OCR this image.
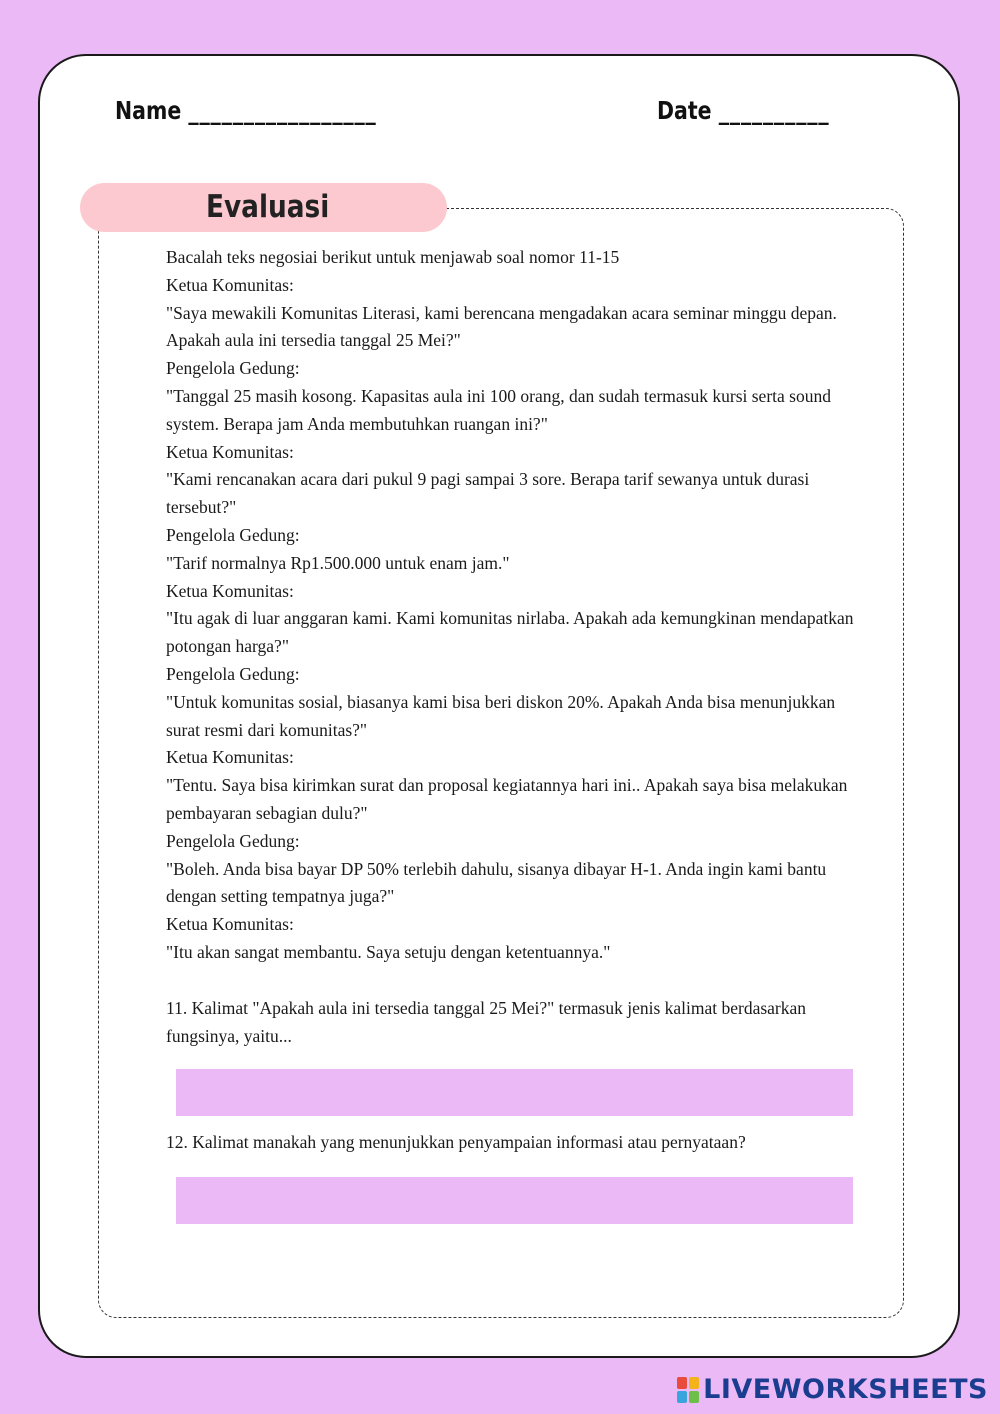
Name _________________	Date __________
Evaluasi

Bacalah teks negosiai berikut untuk menjawab soal nomor 11-15

Ketua Komunitas:

"Saya mewakili Komunitas Literasi, kami berencana mengadakan acara seminar minggu depan. Apakah aula ini tersedia tanggal 25 Mei?"

Pengelola Gedung:

"Tanggal 25 masih kosong. Kapasitas aula ini 100 orang, dan sudah termasuk kursi serta sound system. Berapa jam Anda membutuhkan ruangan ini?"

Ketua Komunitas:

"Kami rencanakan acara dari pukul 9 pagi sampai 3 sore. Berapa tarif sewanya untuk durasi tersebut?"

Pengelola Gedung:

"Tarif normalnya Rp1.500.000 untuk enam jam."

Ketua Komunitas:

"Itu agak di luar anggaran kami. Kami komunitas nirlaba. Apakah ada kemungkinan mendapatkan potongan harga?"

Pengelola Gedung:

"Untuk komunitas sosial, biasanya kami bisa beri diskon 20%. Apakah Anda bisa menunjukkan surat resmi dari komunitas?"

Ketua Komunitas:

"Tentu. Saya bisa kirimkan surat dan proposal kegiatannya hari ini.. Apakah saya bisa melakukan pembayaran sebagian dulu?"

Pengelola Gedung:

"Boleh. Anda bisa bayar DP 50% terlebih dahulu, sisanya dibayar H-1. Anda ingin kami bantu dengan setting tempatnya juga?"

Ketua Komunitas:

"Itu akan sangat membantu. Saya setuju dengan ketentuannya."

11. Kalimat "Apakah aula ini tersedia tanggal 25 Mei?" termasuk jenis kalimat berdasarkan fungsinya, yaitu...

12. Kalimat manakah yang menunjukkan penyampaian informasi atau pernyataan?

LIVEWORKSHEETS
